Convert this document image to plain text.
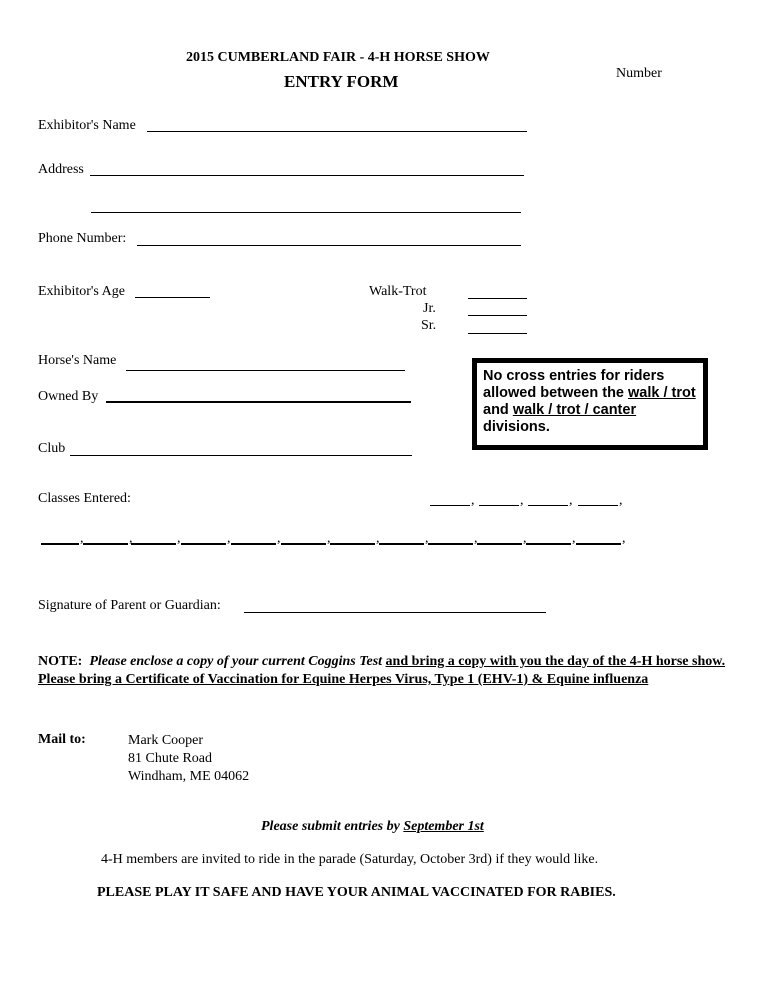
2015 CUMBERLAND FAIR - 4-H HORSE SHOW
ENTRY FORM	Number
Exhibitor's Name
Address
Phone Number:
Exhibitor's Age	Walk-Trot
Jr.
Sr.
Horse's Name
Owned By
No cross entries for riders
allowed between the walk / trot
and walk / trot / canter
divisions.
Club
Classes Entered:	,	,	,	,
,	,	,	,	,	,	,	,	,	,	,	,
Signature of Parent or Guardian:
NOTE: Please enclose a copy of your current Coggins Test and bring a copy with you the day of the 4-H horse show. Please bring a Certificate of Vaccination for Equine Herpes Virus, Type 1 (EHV-1) & Equine influenza
Mail to:	Mark Cooper
81 Chute Road
Windham, ME 04062
Please submit entries by September 1st
4-H members are invited to ride in the parade (Saturday, October 3rd) if they would like.
PLEASE PLAY IT SAFE AND HAVE YOUR ANIMAL VACCINATED FOR RABIES.
